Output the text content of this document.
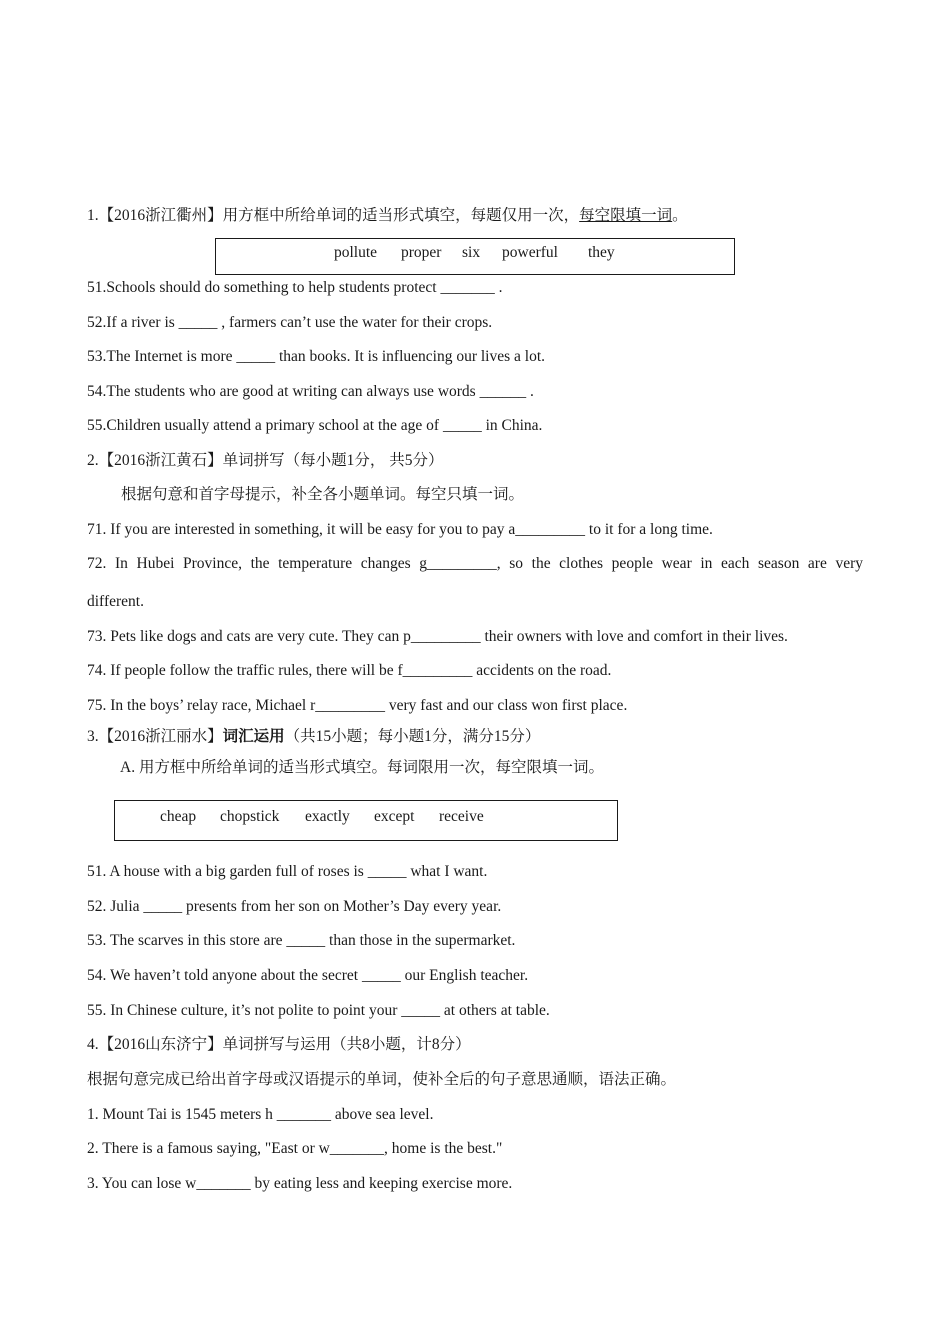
1.【2016浙江衢州】用方框中所给单词的适当形式填空，每题仅用一次，每空限填一词。
pollute proper six powerful they
51.Schools should do something to help students protect _______ .
52.If a river is _____ , farmers can’t use the water for their crops.
53.The Internet is more _____ than books. It is influencing our lives a lot.
54.The students who are good at writing can always use words ______ .
55.Children usually attend a primary school at the age of _____ in China.
2.【2016浙江黄石】单词拼写（每小题1分， 共5分）
根据句意和首字母提示，补全各小题单词。每空只填一词。
71. If you are interested in something, it will be easy for you to pay a_________ to it for a long time.
72. In Hubei Province, the temperature changes g_________, so the clothes people wear in each season are very
different.
73. Pets like dogs and cats are very cute. They can p_________ their owners with love and comfort in their lives.
74. If people follow the traffic rules, there will be f_________ accidents on the road.
75. In the boys’ relay race, Michael r_________ very fast and our class won first place.
3.【2016浙江丽水】词汇运用（共15小题；每小题1分，满分15分）
A. 用方框中所给单词的适当形式填空。每词限用一次，每空限填一词。
cheap chopstick exactly except receive
51. A house with a big garden full of roses is _____ what I want.
52. Julia _____ presents from her son on Mother’s Day every year.
53. The scarves in this store are _____ than those in the supermarket.
54. We haven’t told anyone about the secret _____ our English teacher.
55. In Chinese culture, it’s not polite to point your _____ at others at table.
4.【2016山东济宁】单词拼写与运用（共8小题，计8分）
根据句意完成已给出首字母或汉语提示的单词，使补全后的句子意思通顺，语法正确。
1. Mount Tai is 1545 meters h _______ above sea level.
2. There is a famous saying, "East or w_______, home is the best."
3. You can lose w_______ by eating less and keeping exercise more.
